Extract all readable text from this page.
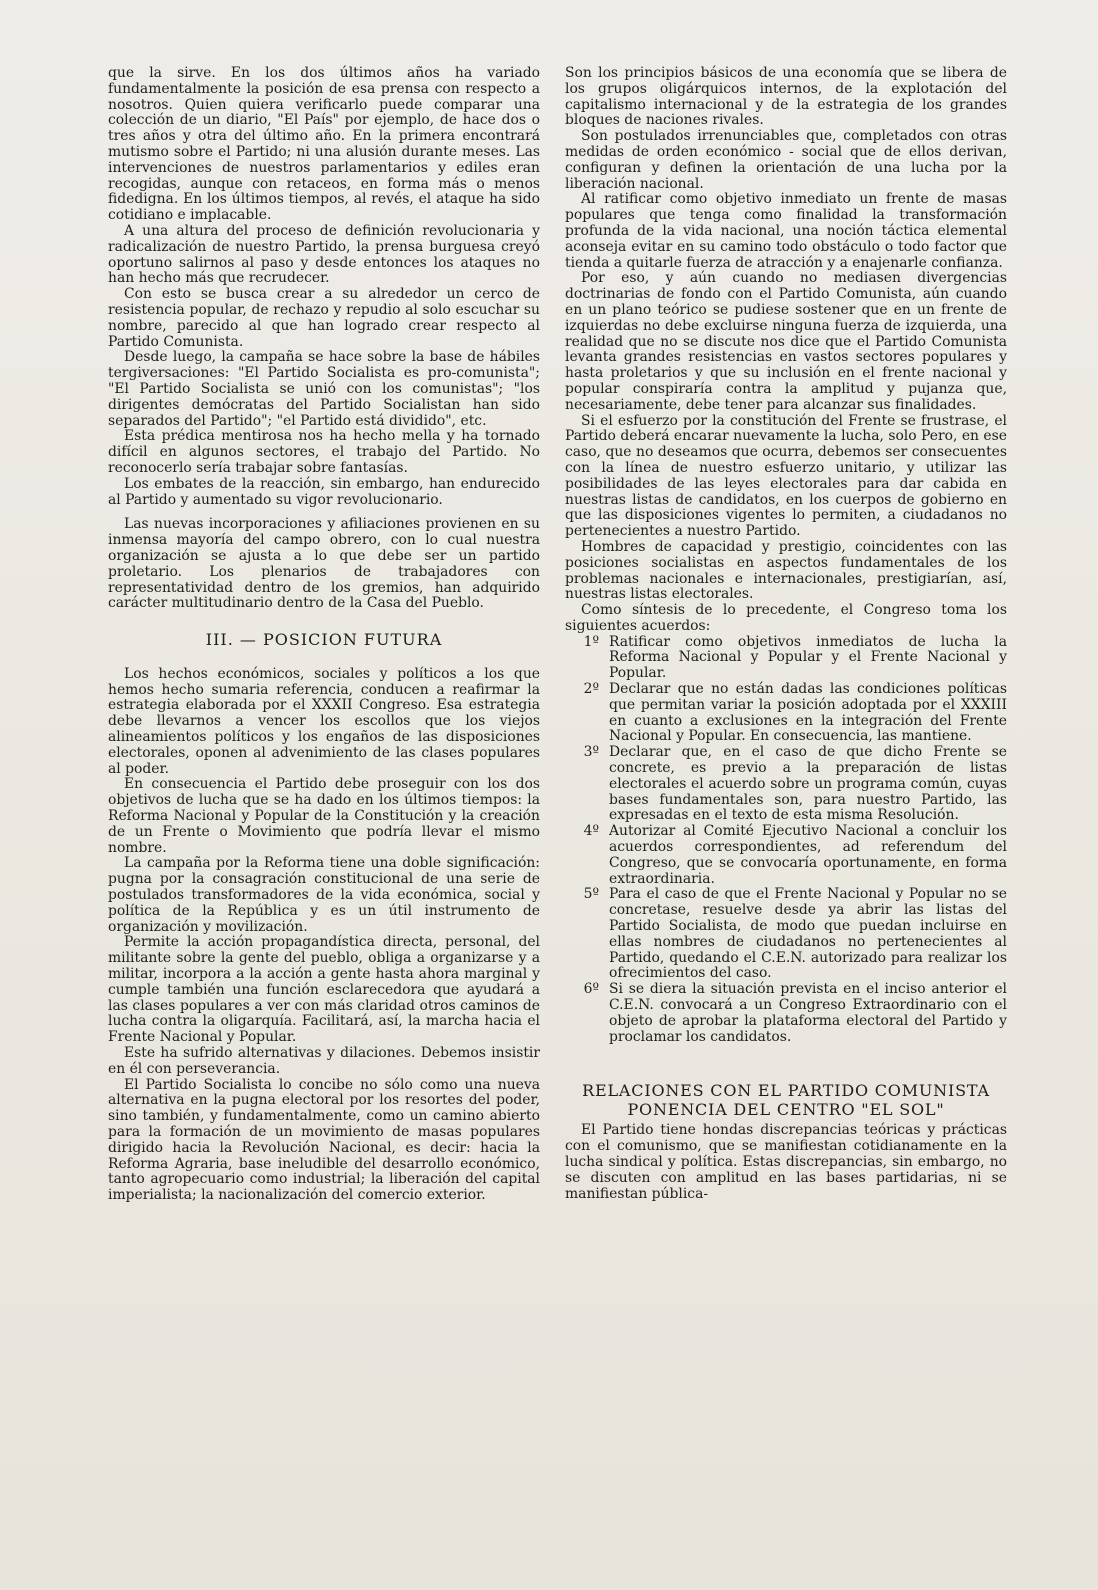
que la sirve. En los dos últimos años ha variado fundamentalmente la posición de esa prensa con respecto a nosotros. Quien quiera verificarlo puede comparar una colección de un diario, "El País" por ejemplo, de hace dos o tres años y otra del último año. En la primera encontrará mutismo sobre el Partido; ni una alusión durante meses. Las intervenciones de nuestros parlamentarios y ediles eran recogidas, aunque con retaceos, en forma más o menos fidedigna. En los últimos tiempos, al revés, el ataque ha sido cotidiano e implacable.

A una altura del proceso de definición revolucionaria y radicalización de nuestro Partido, la prensa burguesa creyó oportuno salirnos al paso y desde entonces los ataques no han hecho más que recrudecer.

Con esto se busca crear a su alrededor un cerco de resistencia popular, de rechazo y repudio al solo escuchar su nombre, parecido al que han logrado crear respecto al Partido Comunista.

Desde luego, la campaña se hace sobre la base de hábiles tergiversaciones: "El Partido Socialista es pro-comunista"; "El Partido Socialista se unió con los comunistas"; "los dirigentes demócratas del Partido Socialistan han sido separados del Partido"; "el Partido está dividido", etc.

Esta prédica mentirosa nos ha hecho mella y ha tornado difícil en algunos sectores, el trabajo del Partido. No reconocerlo sería trabajar sobre fantasías.

Los embates de la reacción, sin embargo, han endurecido al Partido y aumentado su vigor revolucionario.

Las nuevas incorporaciones y afiliaciones provienen en su inmensa mayoría del campo obrero, con lo cual nuestra organización se ajusta a lo que debe ser un partido proletario. Los plenarios de trabajadores con representatividad dentro de los gremios, han adquirido carácter multitudinario dentro de la Casa del Pueblo.

III. — POSICION FUTURA

Los hechos económicos, sociales y políticos a los que hemos hecho sumaria referencia, conducen a reafirmar la estrategia elaborada por el XXXII Congreso. Esa estrategia debe llevarnos a vencer los escollos que los viejos alineamientos políticos y los engaños de las disposiciones electorales, oponen al advenimiento de las clases populares al poder.

En consecuencia el Partido debe proseguir con los dos objetivos de lucha que se ha dado en los últimos tiempos: la Reforma Nacional y Popular de la Constitución y la creación de un Frente o Movimiento que podría llevar el mismo nombre.

La campaña por la Reforma tiene una doble significación: pugna por la consagración constitucional de una serie de postulados transformadores de la vida económica, social y política de la República y es un útil instrumento de organización y movilización.

Permite la acción propagandística directa, personal, del militante sobre la gente del pueblo, obliga a organizarse y a militar, incorpora a la acción a gente hasta ahora marginal y cumple también una función esclarecedora que ayudará a las clases populares a ver con más claridad otros caminos de lucha contra la oligarquía. Facilitará, así, la marcha hacia el Frente Nacional y Popular.

Este ha sufrido alternativas y dilaciones. Debemos insistir en él con perseverancia.

El Partido Socialista lo concibe no sólo como una nueva alternativa en la pugna electoral por los resortes del poder, sino también, y fundamentalmente, como un camino abierto para la formación de un movimiento de masas populares dirigido hacia la Revolución Nacional, es decir: hacia la Reforma Agraria, base ineludible del desarrollo económico, tanto agropecuario como industrial; la liberación del capital imperialista; la nacionalización del comercio exterior.

Son los principios básicos de una economía que se libera de los grupos oligárquicos internos, de la explotación del capitalismo internacional y de la estrategia de los grandes bloques de naciones rivales.

Son postulados irrenunciables que, completados con otras medidas de orden económico - social que de ellos derivan, configuran y definen la orientación de una lucha por la liberación nacional.

Al ratificar como objetivo inmediato un frente de masas populares que tenga como finalidad la transformación profunda de la vida nacional, una noción táctica elemental aconseja evitar en su camino todo obstáculo o todo factor que tienda a quitarle fuerza de atracción y a enajenarle confianza.

Por eso, y aún cuando no mediasen divergencias doctrinarias de fondo con el Partido Comunista, aún cuando en un plano teórico se pudiese sostener que en un frente de izquierdas no debe excluirse ninguna fuerza de izquierda, una realidad que no se discute nos dice que el Partido Comunista levanta grandes resistencias en vastos sectores populares y hasta proletarios y que su inclusión en el frente nacional y popular conspiraría contra la amplitud y pujanza que, necesariamente, debe tener para alcanzar sus finalidades.

Si el esfuerzo por la constitución del Frente se frustrase, el Partido deberá encarar nuevamente la lucha, solo Pero, en ese caso, que no deseamos que ocurra, debemos ser consecuentes con la línea de nuestro esfuerzo unitario, y utilizar las posibilidades de las leyes electorales para dar cabida en nuestras listas de candidatos, en los cuerpos de gobierno en que las disposiciones vigentes lo permiten, a ciudadanos no pertenecientes a nuestro Partido.

Hombres de capacidad y prestigio, coincidentes con las posiciones socialistas en aspectos fundamentales de los problemas nacionales e internacionales, prestigiarían, así, nuestras listas electorales.

Como síntesis de lo precedente, el Congreso toma los siguientes acuerdos:

1º Ratificar como objetivos inmediatos de lucha la Reforma Nacional y Popular y el Frente Nacional y Popular.
2º Declarar que no están dadas las condiciones políticas que permitan variar la posición adoptada por el XXXIII en cuanto a exclusiones en la integración del Frente Nacional y Popular. En consecuencia, las mantiene.
3º Declarar que, en el caso de que dicho Frente se concrete, es previo a la preparación de listas electorales el acuerdo sobre un programa común, cuyas bases fundamentales son, para nuestro Partido, las expresadas en el texto de esta misma Resolución.
4º Autorizar al Comité Ejecutivo Nacional a concluir los acuerdos correspondientes, ad referendum del Congreso, que se convocaría oportunamente, en forma extraordinaria.
5º Para el caso de que el Frente Nacional y Popular no se concretase, resuelve desde ya abrir las listas del Partido Socialista, de modo que puedan incluirse en ellas nombres de ciudadanos no pertenecientes al Partido, quedando el C.E.N. autorizado para realizar los ofrecimientos del caso.
6º Si se diera la situación prevista en el inciso anterior el C.E.N. convocará a un Congreso Extraordinario con el objeto de aprobar la plataforma electoral del Partido y proclamar los candidatos.
RELACIONES CON EL PARTIDO COMUNISTA
PONENCIA DEL CENTRO "EL SOL"

El Partido tiene hondas discrepancias teóricas y prácticas con el comunismo, que se manifiestan cotidianamente en la lucha sindical y política. Estas discrepancias, sin embargo, no se discuten con amplitud en las bases partidarias, ni se manifiestan pública-
